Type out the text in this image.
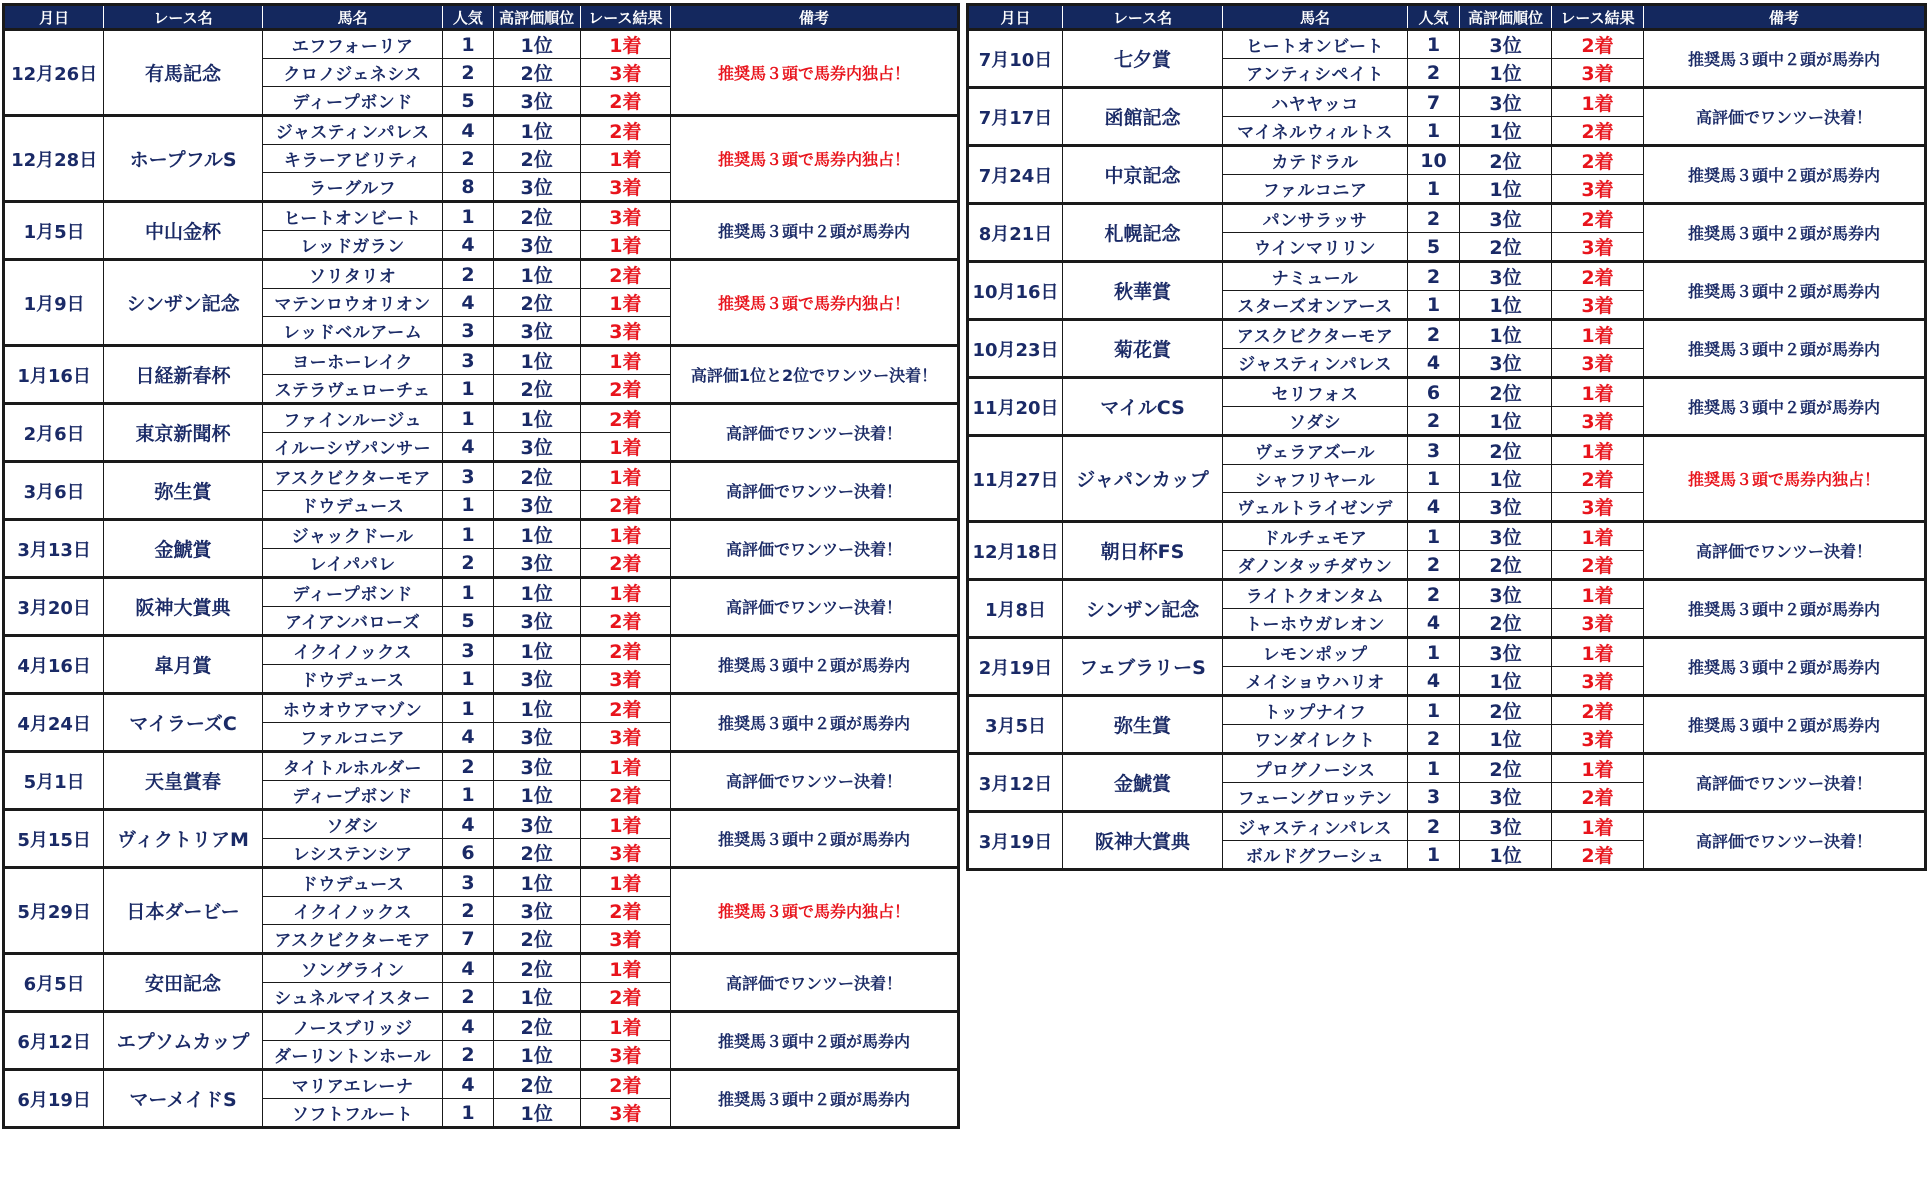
月日	レース名	馬名	人気	高評価順位	レース結果	備考
12月26日	有馬記念	エフフォーリア	1	1位	1着	推奨馬３頭で馬券内独占！
		クロノジェネシス	2	2位	3着	
		ディープボンド	5	3位	2着	
12月28日	ホープフルS	ジャスティンパレス	4	1位	2着	推奨馬３頭で馬券内独占！
		キラーアビリティ	2	2位	1着	
		ラーグルフ	8	3位	3着	
1月5日	中山金杯	ヒートオンビート	1	2位	3着	推奨馬３頭中２頭が馬券内
		レッドガラン	4	3位	1着	
1月9日	シンザン記念	ソリタリオ	2	1位	2着	推奨馬３頭で馬券内独占！
		マテンロウオリオン	4	2位	1着	
		レッドベルアーム	3	3位	3着	
1月16日	日経新春杯	ヨーホーレイク	3	1位	1着	高評価1位と2位でワンツー決着！
		ステラヴェローチェ	1	2位	2着	
2月6日	東京新聞杯	ファインルージュ	1	1位	2着	高評価でワンツー決着！
		イルーシヴパンサー	4	3位	1着	
3月6日	弥生賞	アスクビクターモア	3	2位	1着	高評価でワンツー決着！
		ドウデュース	1	3位	2着	
3月13日	金鯱賞	ジャックドール	1	1位	1着	高評価でワンツー決着！
		レイパパレ	2	3位	2着	
3月20日	阪神大賞典	ディープボンド	1	1位	1着	高評価でワンツー決着！
		アイアンバローズ	5	3位	2着	
4月16日	皐月賞	イクイノックス	3	1位	2着	推奨馬３頭中２頭が馬券内
		ドウデュース	1	3位	3着	
4月24日	マイラーズC	ホウオウアマゾン	1	1位	2着	推奨馬３頭中２頭が馬券内
		ファルコニア	4	3位	3着	
5月1日	天皇賞春	タイトルホルダー	2	3位	1着	高評価でワンツー決着！
		ディープボンド	1	1位	2着	
5月15日	ヴィクトリアM	ソダシ	4	3位	1着	推奨馬３頭中２頭が馬券内
		レシステンシア	6	2位	3着	
5月29日	日本ダービー	ドウデュース	3	1位	1着	推奨馬３頭で馬券内独占！
		イクイノックス	2	3位	2着	
		アスクビクターモア	7	2位	3着	
6月5日	安田記念	ソングライン	4	2位	1着	高評価でワンツー決着！
		シュネルマイスター	2	1位	2着	
6月12日	エプソムカップ	ノースブリッジ	4	2位	1着	推奨馬３頭中２頭が馬券内
		ダーリントンホール	2	1位	3着	
6月19日	マーメイドS	マリアエレーナ	4	2位	2着	推奨馬３頭中２頭が馬券内
		ソフトフルート	1	1位	3着	
月日	レース名	馬名	人気	高評価順位	レース結果	備考
7月10日	七夕賞	ヒートオンビート	1	3位	2着	推奨馬３頭中２頭が馬券内
		アンティシペイト	2	1位	3着	
7月17日	函館記念	ハヤヤッコ	7	3位	1着	高評価でワンツー決着！
		マイネルウィルトス	1	1位	2着	
7月24日	中京記念	カテドラル	10	2位	2着	推奨馬３頭中２頭が馬券内
		ファルコニア	1	1位	3着	
8月21日	札幌記念	パンサラッサ	2	3位	2着	推奨馬３頭中２頭が馬券内
		ウインマリリン	5	2位	3着	
10月16日	秋華賞	ナミュール	2	3位	2着	推奨馬３頭中２頭が馬券内
		スターズオンアース	1	1位	3着	
10月23日	菊花賞	アスクビクターモア	2	1位	1着	推奨馬３頭中２頭が馬券内
		ジャスティンパレス	4	3位	3着	
11月20日	マイルCS	セリフォス	6	2位	1着	推奨馬３頭中２頭が馬券内
		ソダシ	2	1位	3着	
11月27日	ジャパンカップ	ヴェラアズール	3	2位	1着	推奨馬３頭で馬券内独占！
		シャフリヤール	1	1位	2着	
		ヴェルトライゼンデ	4	3位	3着	
12月18日	朝日杯FS	ドルチェモア	1	3位	1着	高評価でワンツー決着！
		ダノンタッチダウン	2	2位	2着	
1月8日	シンザン記念	ライトクオンタム	2	3位	1着	推奨馬３頭中２頭が馬券内
		トーホウガレオン	4	2位	3着	
2月19日	フェブラリーS	レモンポップ	1	3位	1着	推奨馬３頭中２頭が馬券内
		メイショウハリオ	4	1位	3着	
3月5日	弥生賞	トップナイフ	1	2位	2着	推奨馬３頭中２頭が馬券内
		ワンダイレクト	2	1位	3着	
3月12日	金鯱賞	プログノーシス	1	2位	1着	高評価でワンツー決着！
		フェーングロッテン	3	3位	2着	
3月19日	阪神大賞典	ジャスティンパレス	2	3位	1着	高評価でワンツー決着！
		ボルドグフーシュ	1	1位	2着	
